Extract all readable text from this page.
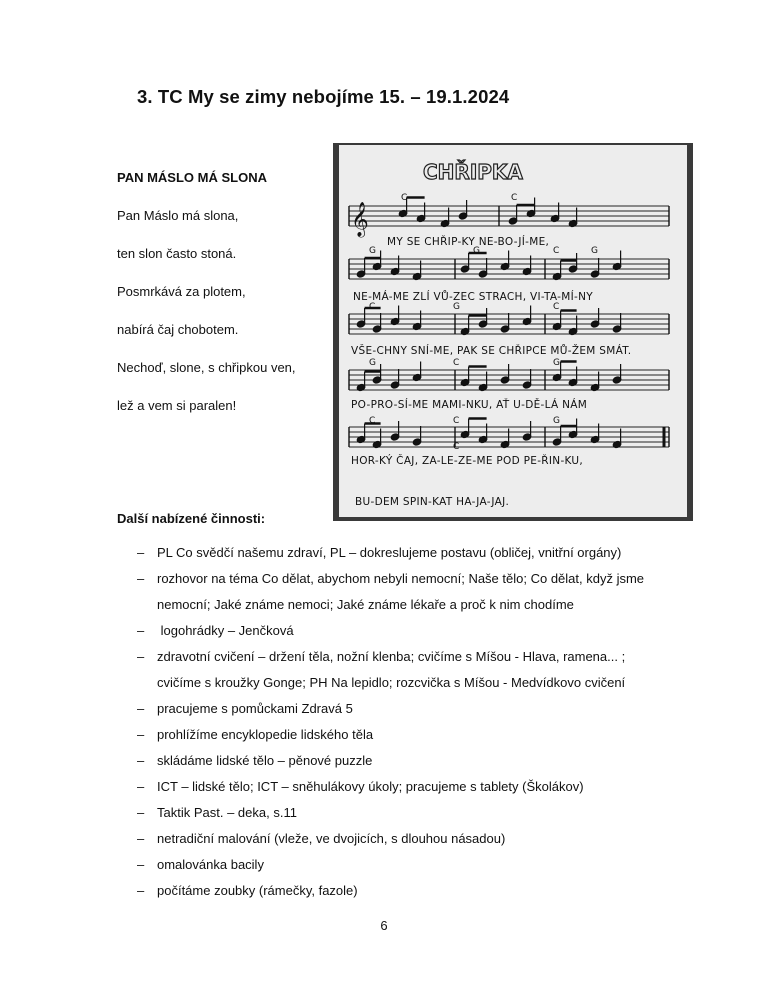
3. TC My se zimy nebojíme 15. – 19.1.2024
PAN MÁSLO MÁ SLONA
Pan Máslo má slona,
ten slon často stoná.
Posmrkává za plotem,
nabírá čaj chobotem.
Nechoď, slone, s chřipkou ven,
lež a vem si paralen!
CHŘIPKA
C	C
G	G	C	G
C	G	C
G	C	G
C	C	G
C
MY SE CHŘIP-KY NE-BO-JÍ-ME,
NE-MÁ-ME ZLÍ VŮ-ZEC STRACH, VI-TA-MÍ-NY
VŠE-CHNY SNÍ-ME, PAK SE CHŘIPCE MŮ-ŽEM SMÁT.
PO-PRO-SÍ-ME MAMI-NKU, AŤ U-DĚ-LÁ NÁM
HOR-KÝ ČAJ, ZA-LE-ZE-ME POD PE-ŘIN-KU,
BU-DEM SPIN-KAT HA-JA-JAJ.
𝄞
Další nabízené činnosti:
– PL Co svědčí našemu zdraví, PL – dokreslujeme postavu (obličej, vnitřní orgány)
– rozhovor na téma Co dělat, abychom nebyli nemocní; Naše tělo; Co dělat, když jsme nemocní; Jaké známe nemoci; Jaké známe lékaře a proč k nim chodíme
– logohrádky – Jenčková
– zdravotní cvičení – držení těla, nožní klenba; cvičíme s Míšou - Hlava, ramena... ; cvičíme s kroužky Gonge; PH Na lepidlo; rozcvička s Míšou - Medvídkovo cvičení
– pracujeme s pomůckami Zdravá 5
– prohlížíme encyklopedie lidského těla
– skládáme lidské tělo – pěnové puzzle
– ICT – lidské tělo; ICT – sněhulákovy úkoly; pracujeme s tablety (Školákov)
– Taktik Past. – deka, s.11
– netradiční malování (vleže, ve dvojicích, s dlouhou násadou)
– omalovánka bacily
– počítáme zoubky (rámečky, fazole)
6
